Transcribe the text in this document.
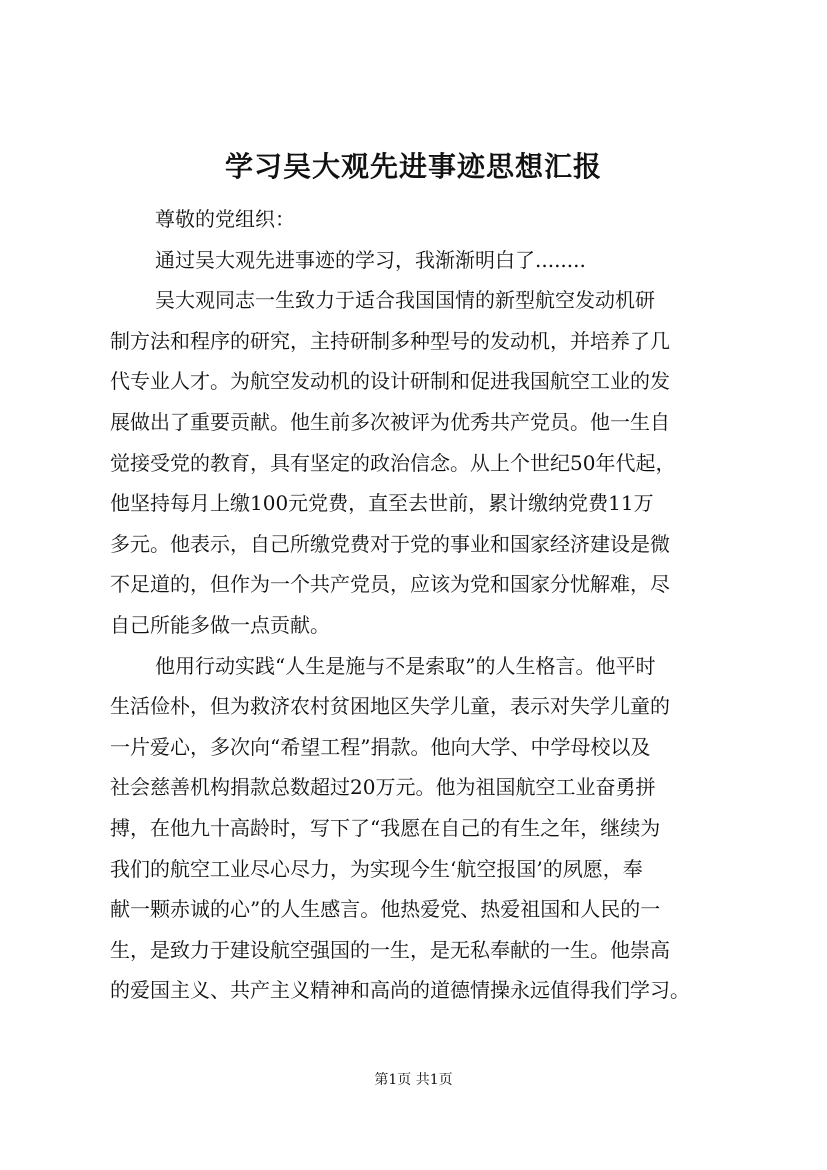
学习吴大观先进事迹思想汇报
尊敬的党组织：
通过吴大观先进事迹的学习，我渐渐明白了........
吴大观同志一生致力于适合我国国情的新型航空发动机研
制方法和程序的研究，主持研制多种型号的发动机，并培养了几
代专业人才。为航空发动机的设计研制和促进我国航空工业的发
展做出了重要贡献。他生前多次被评为优秀共产党员。他一生自
觉接受党的教育，具有坚定的政治信念。从上个世纪50年代起，
他坚持每月上缴100元党费，直至去世前，累计缴纳党费11万
多元。他表示，自己所缴党费对于党的事业和国家经济建设是微
不足道的，但作为一个共产党员，应该为党和国家分忧解难，尽
自己所能多做一点贡献。
他用行动实践“人生是施与不是索取”的人生格言。他平时
生活俭朴，但为救济农村贫困地区失学儿童，表示对失学儿童的
一片爱心，多次向“希望工程”捐款。他向大学、中学母校以及
社会慈善机构捐款总数超过20万元。他为祖国航空工业奋勇拼
搏，在他九十高龄时，写下了“我愿在自己的有生之年，继续为
我们的航空工业尽心尽力，为实现今生‘航空报国’的夙愿，奉
献一颗赤诚的心”的人生感言。他热爱党、热爱祖国和人民的一
生，是致力于建设航空强国的一生，是无私奉献的一生。他崇高
的爱国主义、共产主义精神和高尚的道德情操永远值得我们学习。
第1页 共1页
